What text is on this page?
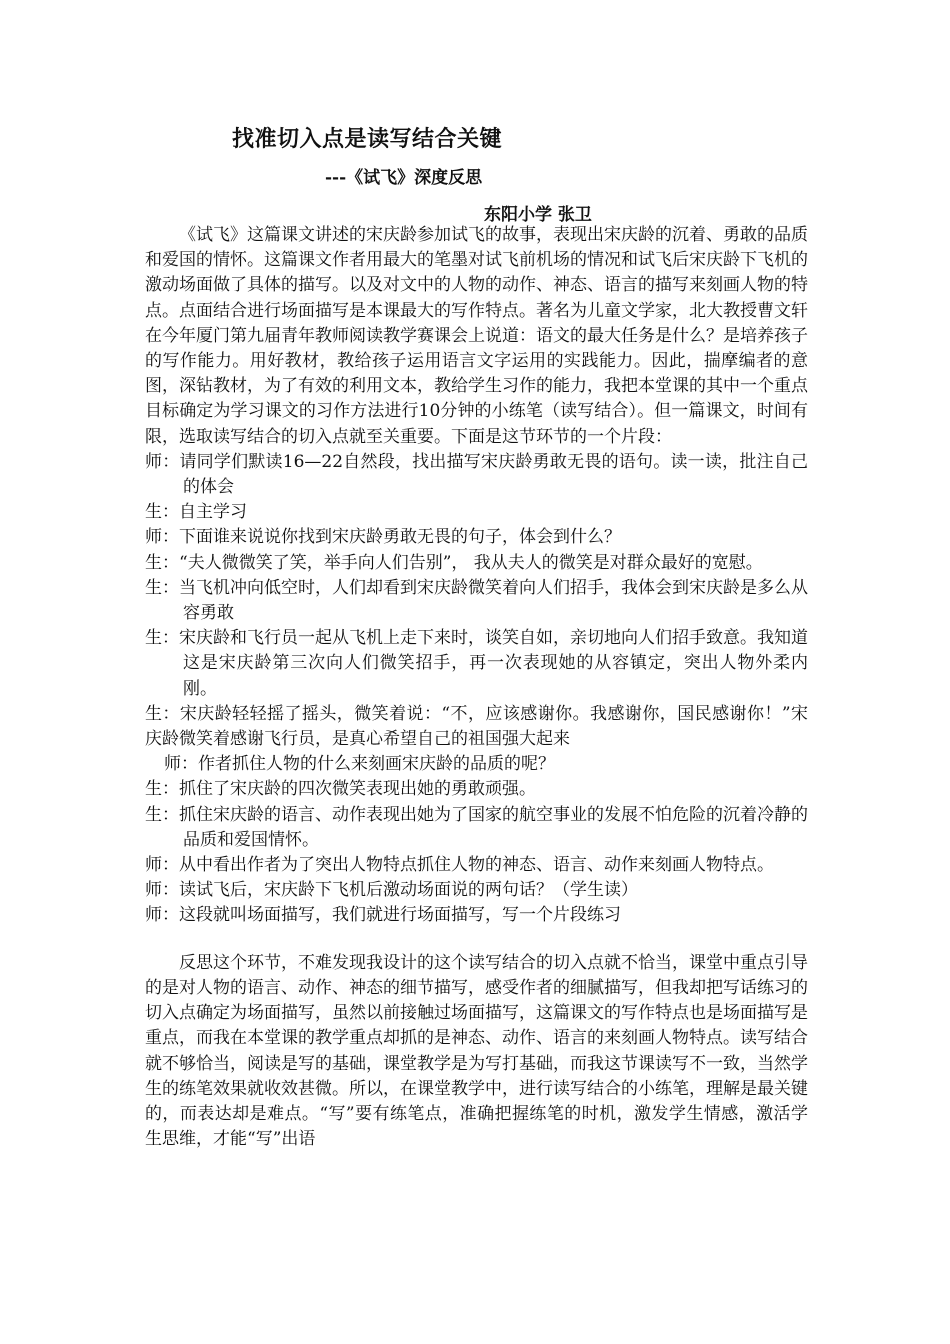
找准切入点是读写结合关键
---《试飞》深度反思
东阳小学 张卫

《试飞》这篇课文讲述的宋庆龄参加试飞的故事，表现出宋庆龄的沉着、勇敢的品质和爱国的情怀。这篇课文作者用最大的笔墨对试飞前机场的情况和试飞后宋庆龄下飞机的激动场面做了具体的描写。以及对文中的人物的动作、神态、语言的描写来刻画人物的特点。点面结合进行场面描写是本课最大的写作特点。著名为儿童文学家，北大教授曹文轩在今年厦门第九届青年教师阅读教学赛课会上说道：语文的最大任务是什么？是培养孩子的写作能力。用好教材，教给孩子运用语言文字运用的实践能力。因此，揣摩编者的意图，深钻教材，为了有效的利用文本，教给学生习作的能力，我把本堂课的其中一个重点目标确定为学习课文的习作方法进行10分钟的小练笔（读写结合）。但一篇课文，时间有限，选取读写结合的切入点就至关重要。下面是这节环节的一个片段：

师：请同学们默读16—22自然段，找出描写宋庆龄勇敢无畏的语句。读一读，批注自己的体会

生：自主学习

师：下面谁来说说你找到宋庆龄勇敢无畏的句子，体会到什么？

生：“夫人微微笑了笑，举手向人们告别”， 我从夫人的微笑是对群众最好的宽慰。

生：当飞机冲向低空时，人们却看到宋庆龄微笑着向人们招手，我体会到宋庆龄是多么从容勇敢

生：宋庆龄和飞行员一起从飞机上走下来时，谈笑自如，亲切地向人们招手致意。我知道这是宋庆龄第三次向人们微笑招手，再一次表现她的从容镇定，突出人物外柔内刚。

生：宋庆龄轻轻摇了摇头，微笑着说：“不，应该感谢你。我感谢你，国民感谢你！”宋庆龄微笑着感谢飞行员，是真心希望自己的祖国强大起来

师：作者抓住人物的什么来刻画宋庆龄的品质的呢？

生：抓住了宋庆龄的四次微笑表现出她的勇敢顽强。

生：抓住宋庆龄的语言、动作表现出她为了国家的航空事业的发展不怕危险的沉着冷静的品质和爱国情怀。

师：从中看出作者为了突出人物特点抓住人物的神态、语言、动作来刻画人物特点。

师：读试飞后，宋庆龄下飞机后激动场面说的两句话？（学生读）

师：这段就叫场面描写，我们就进行场面描写，写一个片段练习

反思这个环节，不难发现我设计的这个读写结合的切入点就不恰当，课堂中重点引导的是对人物的语言、动作、神态的细节描写，感受作者的细腻描写，但我却把写话练习的切入点确定为场面描写，虽然以前接触过场面描写，这篇课文的写作特点也是场面描写是重点，而我在本堂课的教学重点却抓的是神态、动作、语言的来刻画人物特点。读写结合就不够恰当，阅读是写的基础，课堂教学是为写打基础，而我这节课读写不一致，当然学生的练笔效果就收效甚微。所以，在课堂教学中，进行读写结合的小练笔，理解是最关键的，而表达却是难点。“写”要有练笔点，准确把握练笔的时机，激发学生情感，激活学生思维，才能“写”出语
